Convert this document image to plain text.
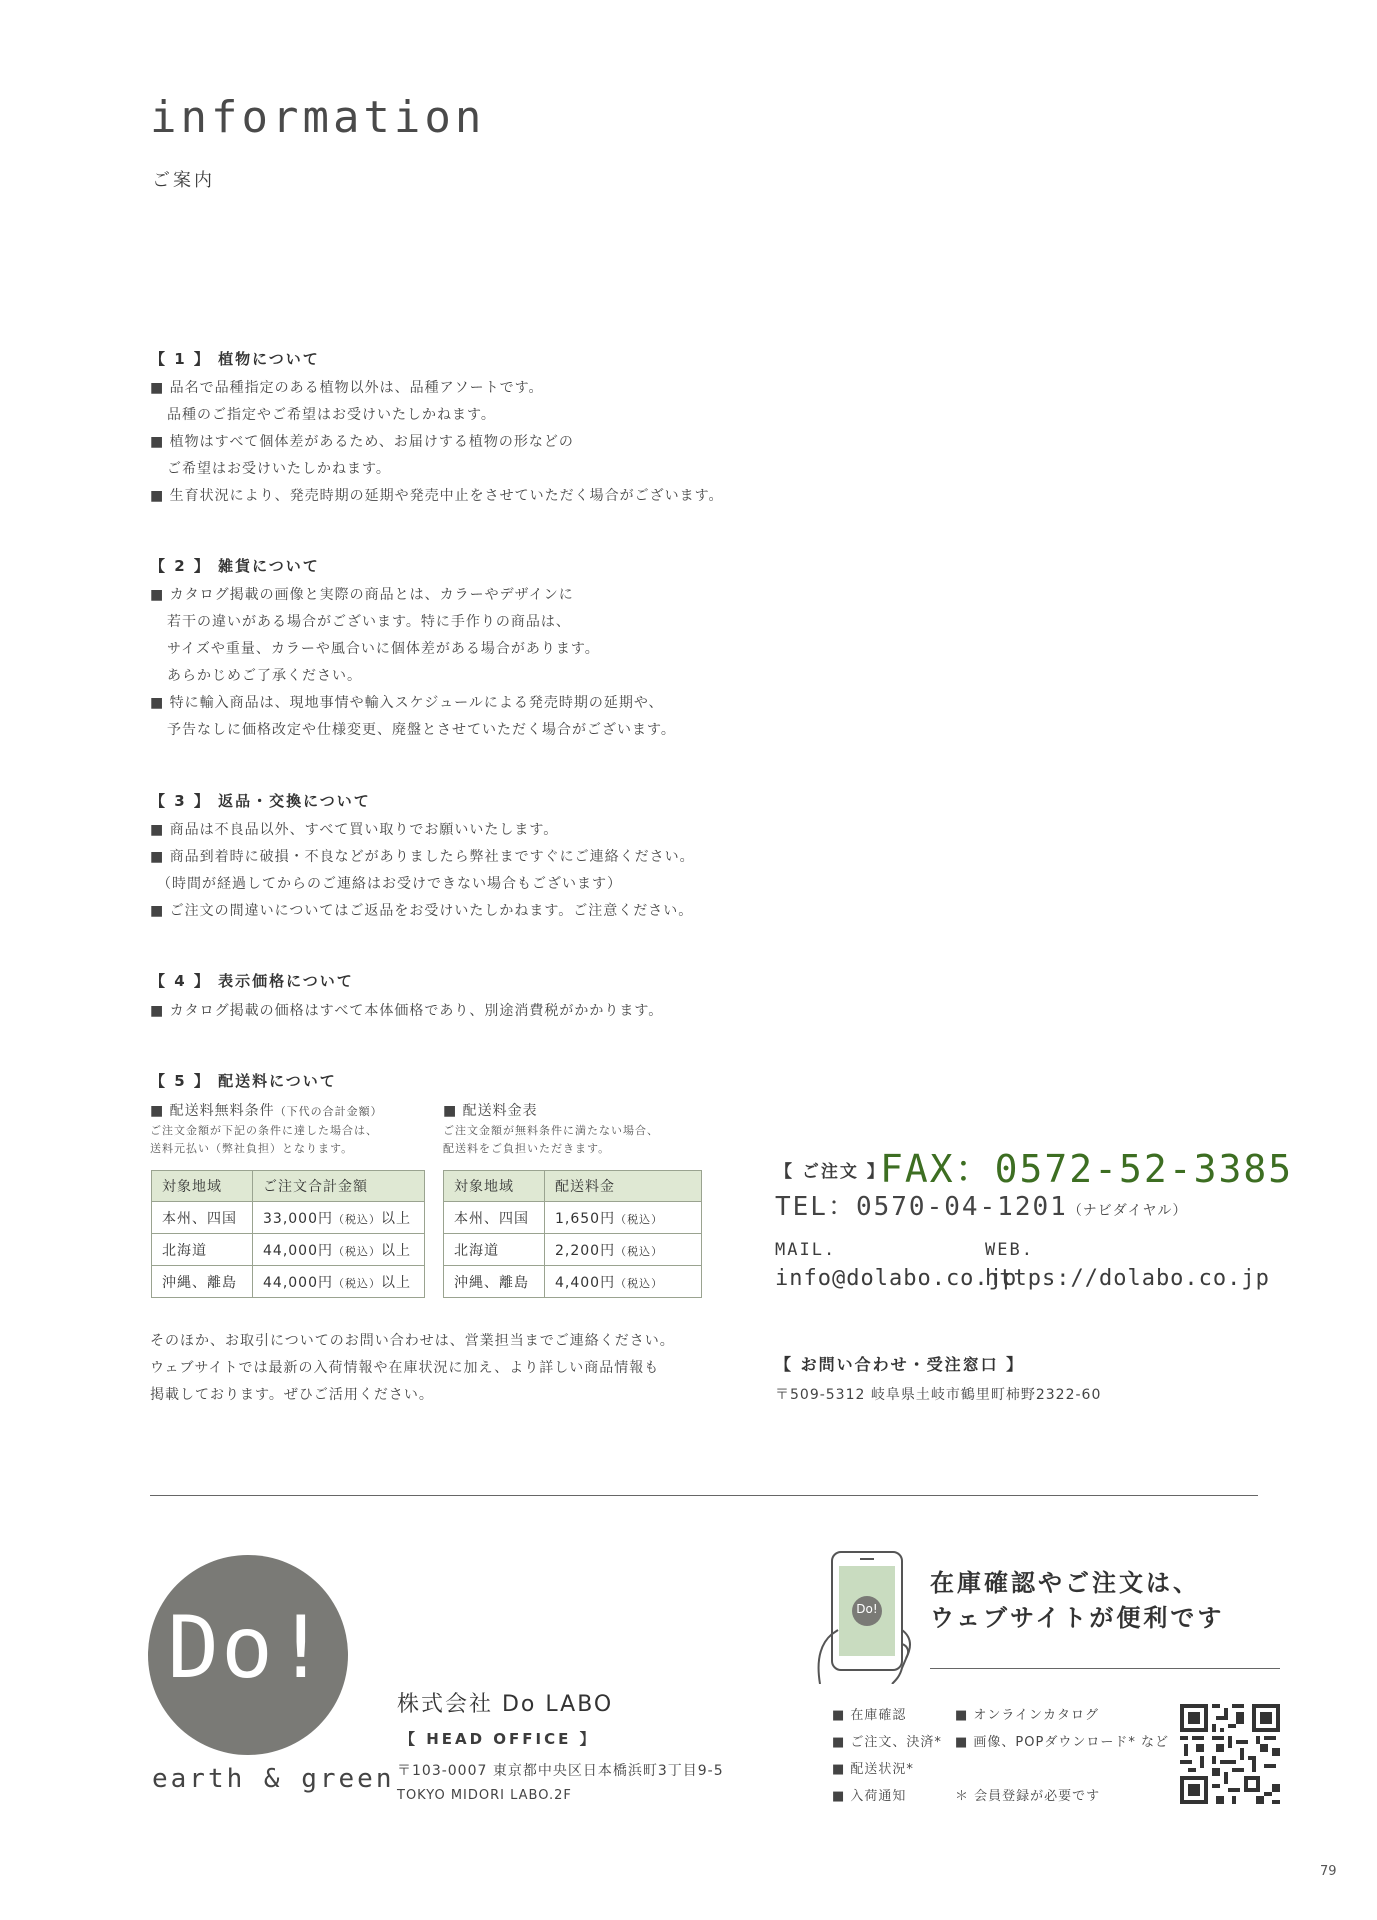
information
ご案内
【 1 】 植物について
■ 品名で品種指定のある植物以外は、品種アソートです。
品種のご指定やご希望はお受けいたしかねます。
■ 植物はすべて個体差があるため、お届けする植物の形などの
ご希望はお受けいたしかねます。
■ 生育状況により、発売時期の延期や発売中止をさせていただく場合がございます。
【 2 】 雑貨について
■ カタログ掲載の画像と実際の商品とは、カラーやデザインに
若干の違いがある場合がございます。特に手作りの商品は、
サイズや重量、カラーや風合いに個体差がある場合があります。
あらかじめご了承ください。
■ 特に輸入商品は、現地事情や輸入スケジュールによる発売時期の延期や、
予告なしに価格改定や仕様変更、廃盤とさせていただく場合がございます。
【 3 】 返品・交換について
■ 商品は不良品以外、すべて買い取りでお願いいたします。
■ 商品到着時に破損・不良などがありましたら弊社まですぐにご連絡ください。
（時間が経過してからのご連絡はお受けできない場合もございます）
■ ご注文の間違いについてはご返品をお受けいたしかねます。ご注意ください。
【 4 】 表示価格について
■ カタログ掲載の価格はすべて本体価格であり、別途消費税がかかります。
【 5 】 配送料について
■ 配送料無料条件（下代の合計金額）
ご注文金額が下記の条件に達した場合は、
送料元払い（弊社負担）となります。
対象地域	ご注文合計金額
本州、四国	33,000円（税込）以上
北海道	44,000円（税込）以上
沖縄、離島	44,000円（税込）以上
■ 配送料金表
ご注文金額が無料条件に満たない場合、
配送料をご負担いただきます。
対象地域	配送料金
本州、四国	1,650円（税込）
北海道	2,200円（税込）
沖縄、離島	4,400円（税込）
そのほか、お取引についてのお問い合わせは、営業担当までご連絡ください。
ウェブサイトでは最新の入荷情報や在庫状況に加え、より詳しい商品情報も
掲載しております。ぜひご活用ください。
【 ご注文 】
FAX：0572-52-3385
TEL：0570-04-1201（ナビダイヤル）
MAIL.	WEB.
info@dolabo.co.jp
https://dolabo.co.jp
【 お問い合わせ・受注窓口 】
〒509-5312 岐阜県土岐市鶴里町柿野2322-60
Do!
earth & green
株式会社 Do LABO
【 HEAD OFFICE 】
〒103-0007 東京都中央区日本橋浜町3丁目9-5
TOKYO MIDORI LABO.2F
Do!
在庫確認やご注文は、
ウェブサイトが便利です
■ 在庫確認
■ ご注文、決済*
■ 配送状況*
■ 入荷通知
■ オンラインカタログ
■ 画像、POPダウンロード* など
＊ 会員登録が必要です
79
